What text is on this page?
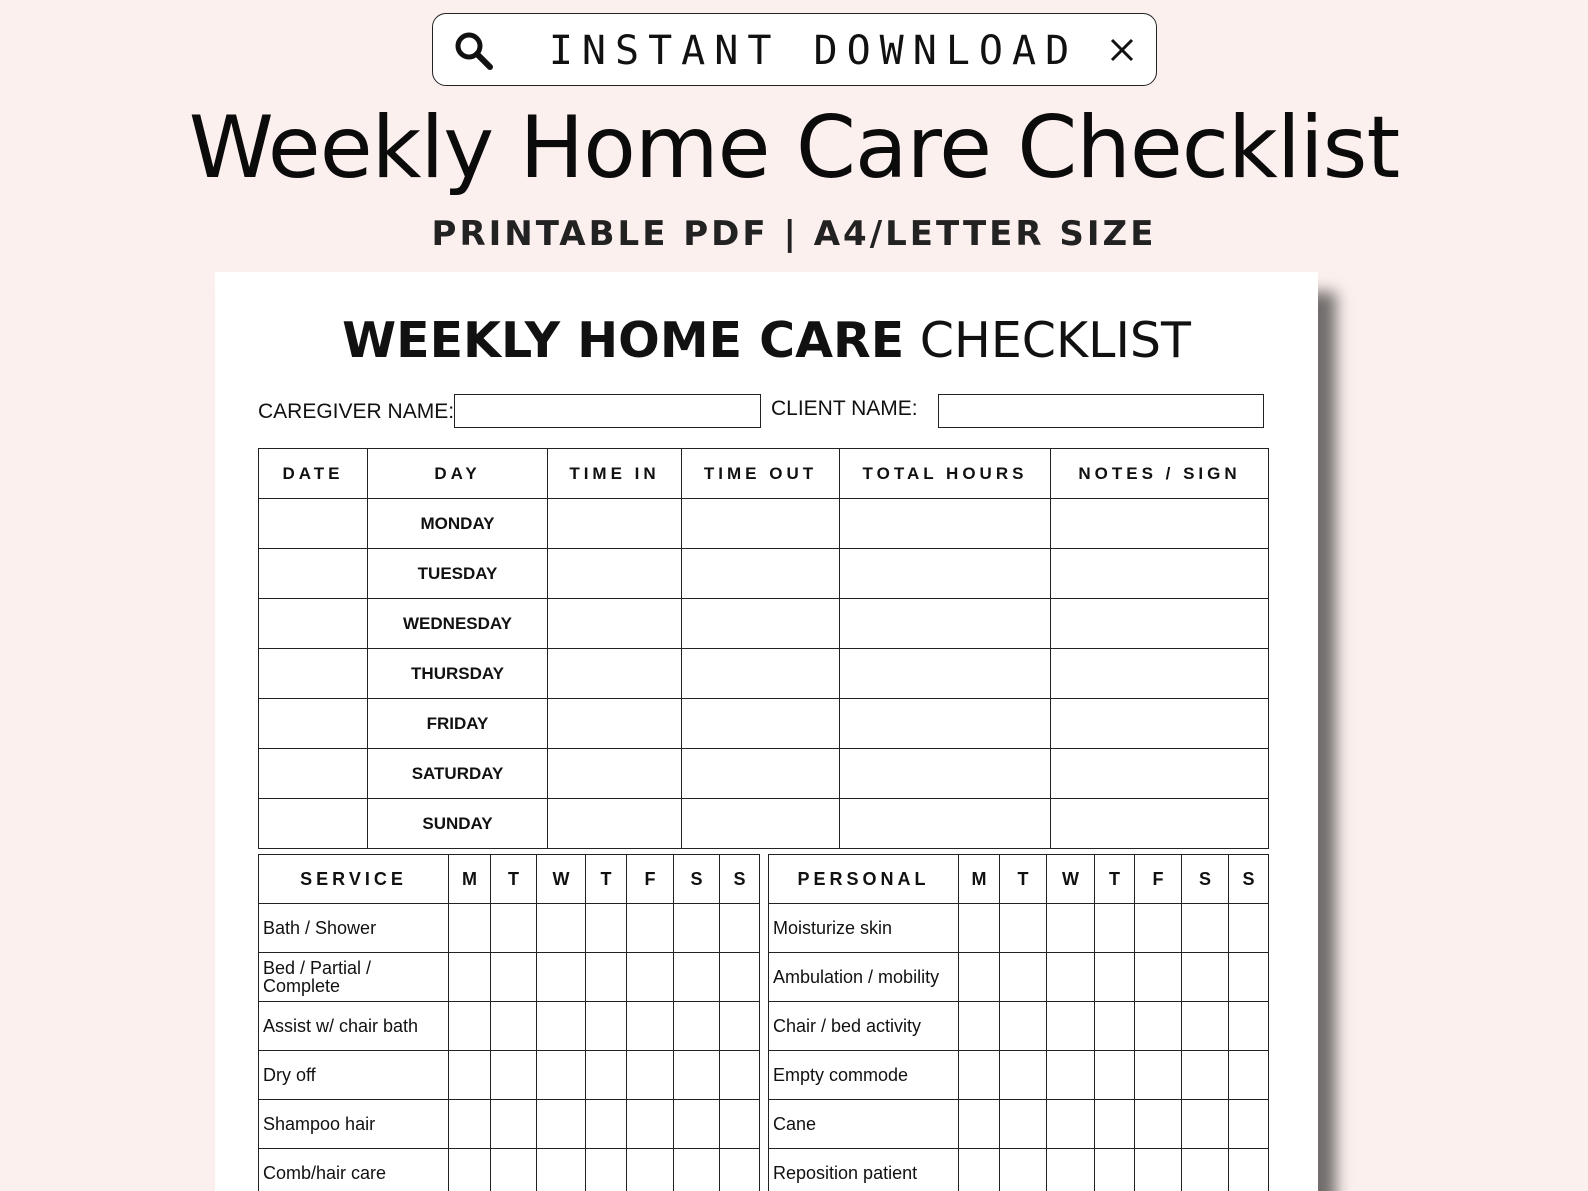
INSTANT DOWNLOAD
Weekly Home Care Checklist
PRINTABLE PDF | A4/LETTER SIZE
WEEKLY HOME CARE CHECKLIST
CAREGIVER NAME:	CLIENT NAME:
DATE	DAY	TIME IN	TIME OUT	TOTAL HOURS	NOTES / SIGN
	MONDAY				
	TUESDAY				
	WEDNESDAY				
	THURSDAY				
	FRIDAY				
	SATURDAY				
	SUNDAY				
SERVICE	M	T	W	T	F	S	S
Bath / Shower							
Bed / Partial / Complete							
Assist w/ chair bath							
Dry off							
Shampoo hair							
Comb/hair care							
PERSONAL	M	T	W	T	F	S	S
Moisturize skin							
Ambulation / mobility							
Chair / bed activity							
Empty commode							
Cane							
Reposition patient							
